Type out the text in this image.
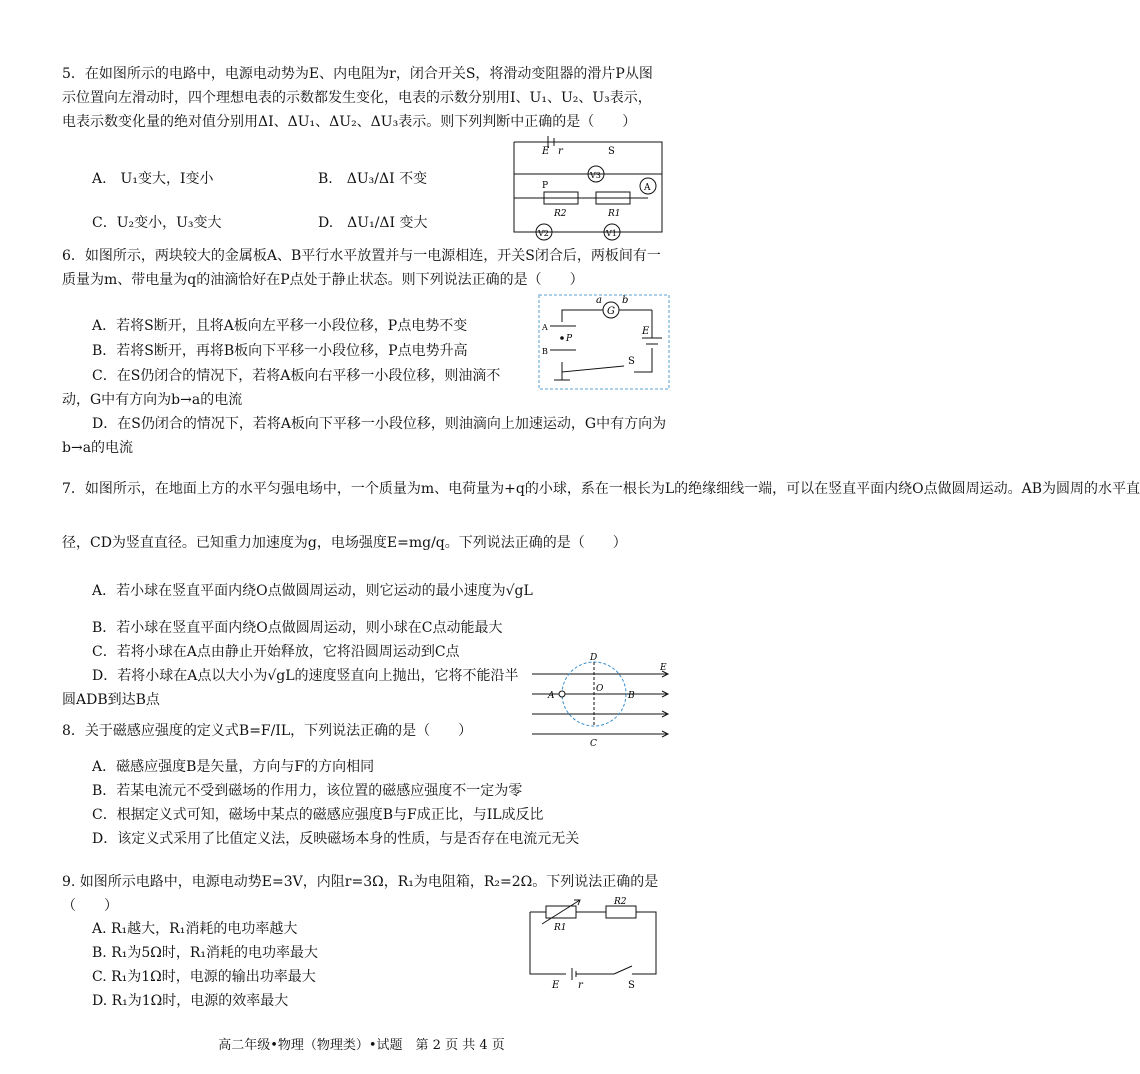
5．在如图所示的电路中，电源电动势为E、内电阻为r，闭合开关S，将滑动变阻器的滑片P从图示位置向左滑动时，四个理想电表的示数都发生变化，电表的示数分别用I、U₁、U₂、U₃表示，电表示数变化量的绝对值分别用ΔI、ΔU₁、ΔU₂、ΔU₃表示。则下列判断中正确的是（　　）
A.　U₁变大，I变小	B.　ΔU₃/ΔI 不变
C．U₂变小，U₃变大	D.　ΔU₁/ΔI 变大
E r	S
V3
A
P
R2	R1
V2	V1
6．如图所示，两块较大的金属板A、B平行水平放置并与一电源相连，开关S闭合后，两板间有一质量为m、带电量为q的油滴恰好在P点处于静止状态。则下列说法正确的是（　　）
A．若将S断开，且将A板向左平移一小段位移，P点电势不变
B．若将S断开，再将B板向下平移一小段位移，P点电势升高
C．在S仍闭合的情况下，若将A板向右平移一小段位移，则油滴不动，G中有方向为b→a的电流
D．在S仍闭合的情况下，若将A板向下平移一小段位移，则油滴向上加速运动，G中有方向为b→a的电流
a b
G
A
B
P
E
S
7．如图所示，在地面上方的水平匀强电场中，一个质量为m、电荷量为+q的小球，系在一根长为L的绝缘细线一端，可以在竖直平面内绕O点做圆周运动。AB为圆周的水平直
径，CD为竖直直径。已知重力加速度为g，电场强度E=mg/q。下列说法正确的是（　　）
A．若小球在竖直平面内绕O点做圆周运动，则它运动的最小速度为√gL
B．若小球在竖直平面内绕O点做圆周运动，则小球在C点动能最大
C．若将小球在A点由静止开始释放，它将沿圆周运动到C点
D．若将小球在A点以大小为√gL的速度竖直向上抛出，它将不能沿半圆ADB到达B点
D
E
A
O
B
C
8．关于磁感应强度的定义式B=F/IL，下列说法正确的是（　　）
A．磁感应强度B是矢量，方向与F的方向相同
B．若某电流元不受到磁场的作用力，该位置的磁感应强度不一定为零
C．根据定义式可知，磁场中某点的磁感应强度B与F成正比，与IL成反比
D．该定义式采用了比值定义法，反映磁场本身的性质，与是否存在电流元无关
9. 如图所示电路中，电源电动势E=3V，内阻r=3Ω，R₁为电阻箱，R₂=2Ω。下列说法正确的是（　　）
A. R₁越大，R₁消耗的电功率越大
B. R₁为5Ω时，R₁消耗的电功率最大
C. R₁为1Ω时，电源的输出功率最大
D. R₁为1Ω时，电源的效率最大
R1
R2
E r	S
高二年级•物理（物理类）•试题　第 2 页 共 4 页
